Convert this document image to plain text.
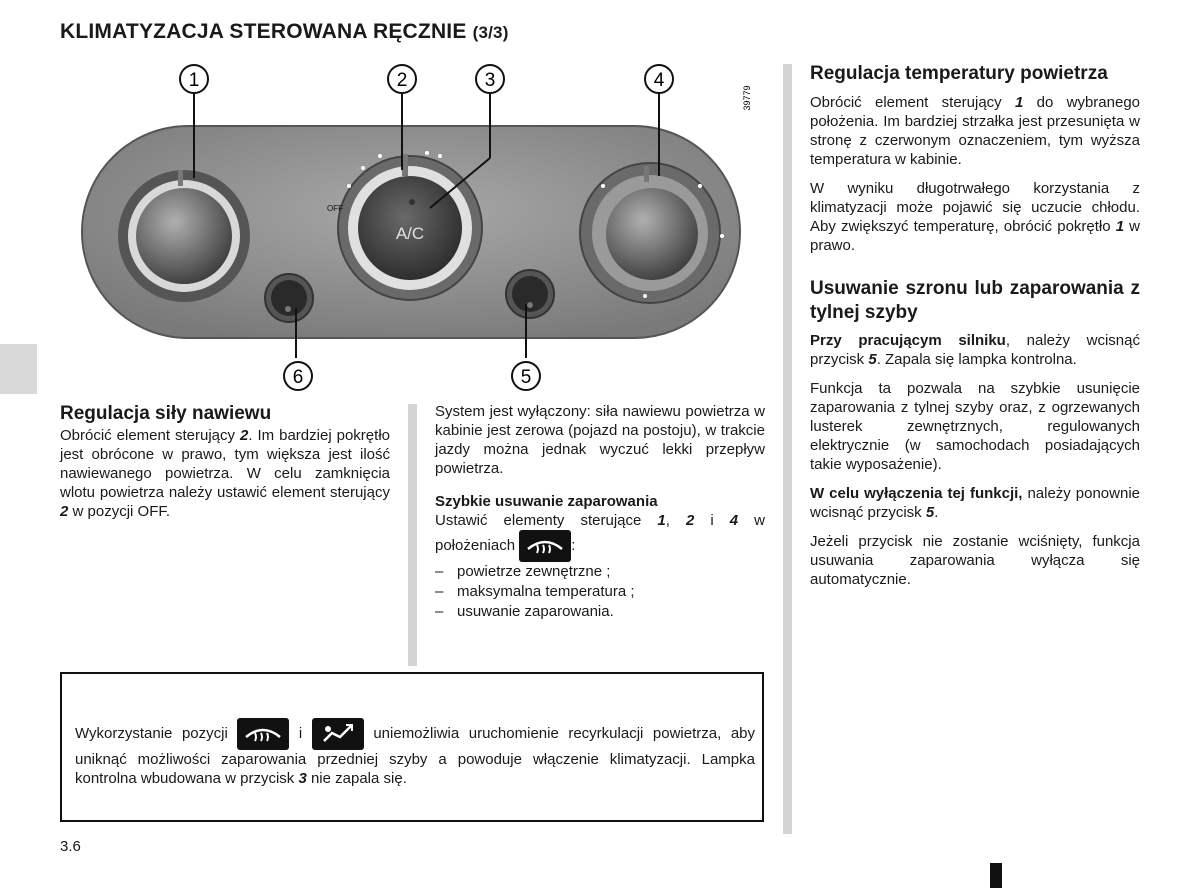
KLIMATYZACJA STEROWANA RĘCZNIE (3/3)
A/C
OFF
1	2	3	4
5
6
39779
Regulacja siły nawiewu
Obrócić element sterujący 2. Im bardziej pokrętło jest obrócone w prawo, tym większa jest ilość nawiewanego powietrza. W celu zamknięcia wlotu powietrza należy ustawić element sterujący 2 w pozycji OFF.

System jest wyłączony: siła nawiewu powietrza w kabinie jest zerowa (pojazd na postoju), w trakcie jazdy można jednak wyczuć lekki przepływ powietrza.

Szybkie usuwanie zaparowania
Ustawić elementy sterujące 1, 2 i 4 w położeniach	:
– powietrze zewnętrzne ;
– maksymalna temperatura ;
– usuwanie zaparowania.
Wykorzystanie pozycji	i	uniemożliwia uruchomienie recyrkulacji powietrza, aby uniknąć możliwości zaparowania przedniej szyby a powoduje włączenie klimatyzacji. Lampka kontrolna wbudowana w przycisk 3 nie zapala się.
Regulacja temperatury powietrza

Obrócić element sterujący 1 do wybranego położenia. Im bardziej strzałka jest przesunięta w stronę z czerwonym oznaczeniem, tym wyższa temperatura w kabinie.

W wyniku długotrwałego korzystania z klimatyzacji może pojawić się uczucie chłodu. Aby zwiększyć temperaturę, obrócić pokrętło 1 w prawo.

Usuwanie szronu lub zaparowania z tylnej szyby

Przy pracującym silniku, należy wcisnąć przycisk 5. Zapala się lampka kontrolna.

Funkcja ta pozwala na szybkie usunięcie zaparowania z tylnej szyby oraz, z ogrzewanych lusterek zewnętrznych, regulowanych elektrycznie (w samochodach posiadających takie wyposażenie).

W celu wyłączenia tej funkcji, należy ponownie wcisnąć przycisk 5.

Jeżeli przycisk nie zostanie wciśnięty, funkcja usuwania zaparowania wyłącza się automatycznie.

3.6
